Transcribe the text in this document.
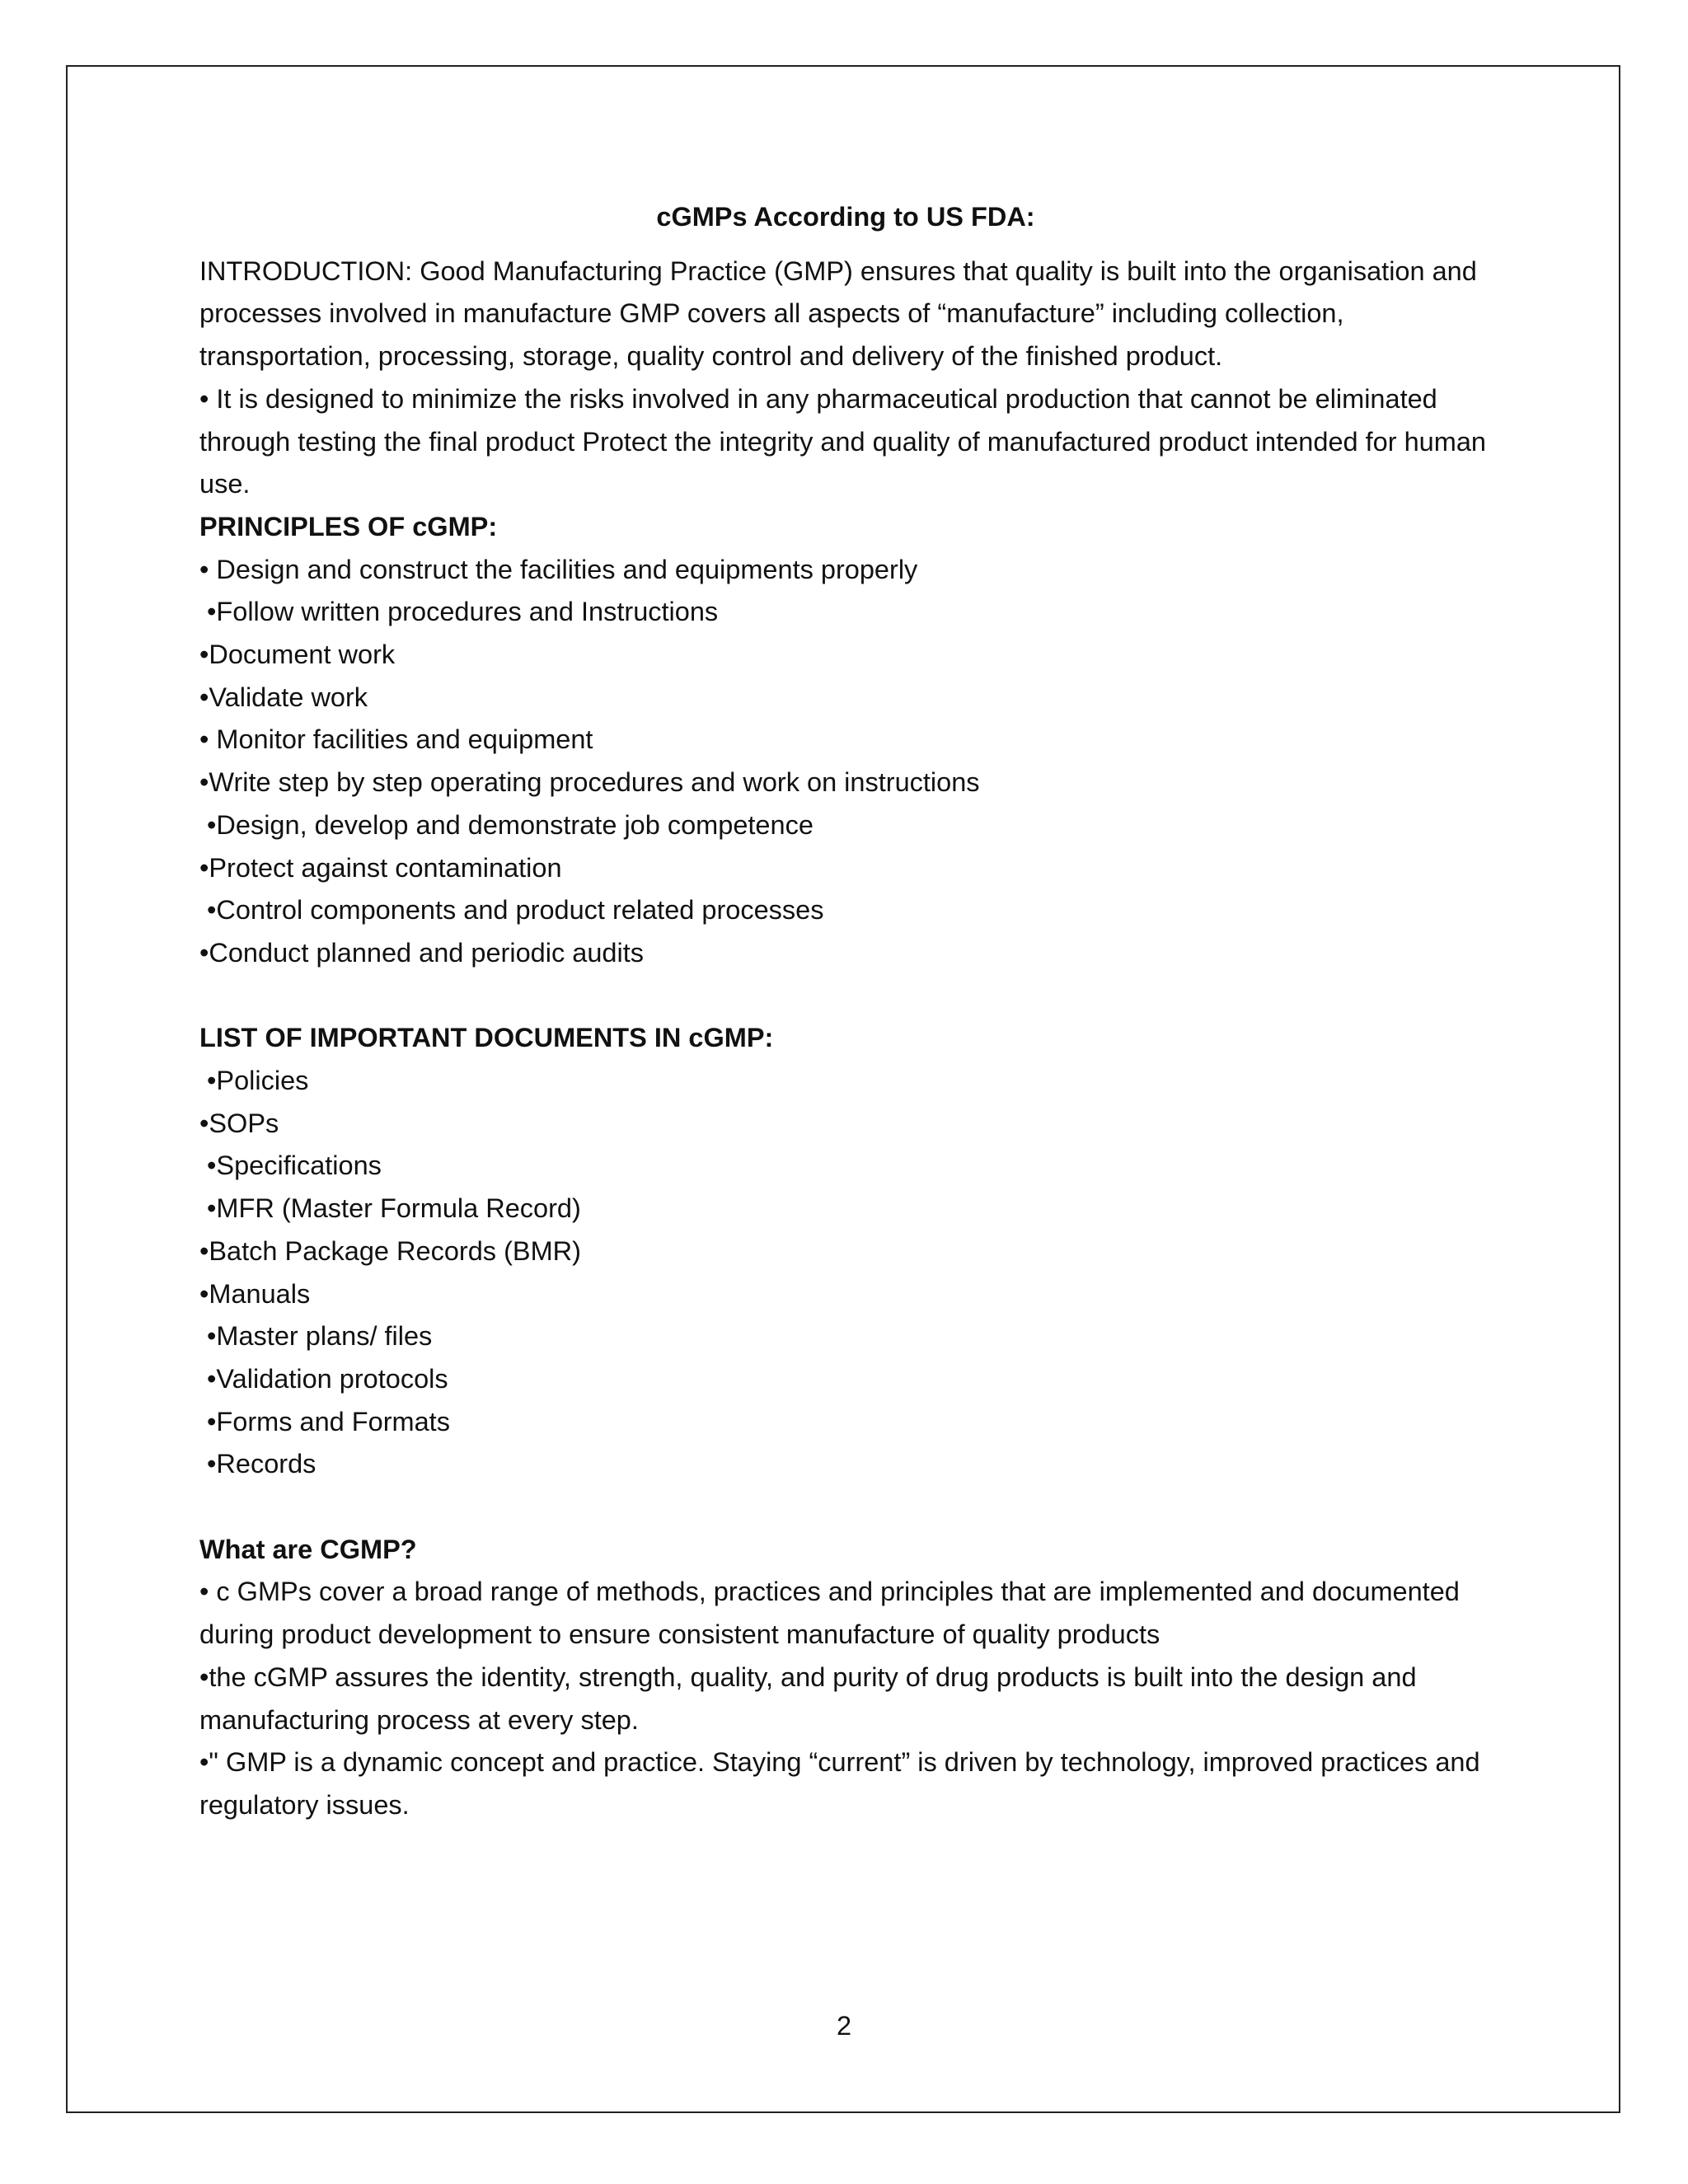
cGMPs According to US FDA:

INTRODUCTION: Good Manufacturing Practice (GMP) ensures that quality is built into the organisation and processes involved in manufacture GMP covers all aspects of “manufacture” including collection, transportation, processing, storage, quality control and delivery of the finished product.

• It is designed to minimize the risks involved in any pharmaceutical production that cannot be eliminated through testing the final product Protect the integrity and quality of manufactured product intended for human use.

PRINCIPLES OF cGMP:

• Design and construct the facilities and equipments properly

•Follow written procedures and Instructions

•Document work

•Validate work

• Monitor facilities and equipment

•Write step by step operating procedures and work on instructions

•Design, develop and demonstrate job competence

•Protect against contamination

•Control components and product related processes

•Conduct planned and periodic audits

LIST OF IMPORTANT DOCUMENTS IN cGMP:

•Policies

•SOPs

•Specifications

•MFR (Master Formula Record)

•Batch Package Records (BMR)

•Manuals

•Master plans/ files

•Validation protocols

•Forms and Formats

•Records

What are CGMP?

• c GMPs cover a broad range of methods, practices and principles that are implemented and documented during product development to ensure consistent manufacture of quality products

•the cGMP assures the identity, strength, quality, and purity of drug products is built into the design and manufacturing process at every step.

•" GMP is a dynamic concept and practice. Staying “current” is driven by technology, improved practices and regulatory issues.

2
